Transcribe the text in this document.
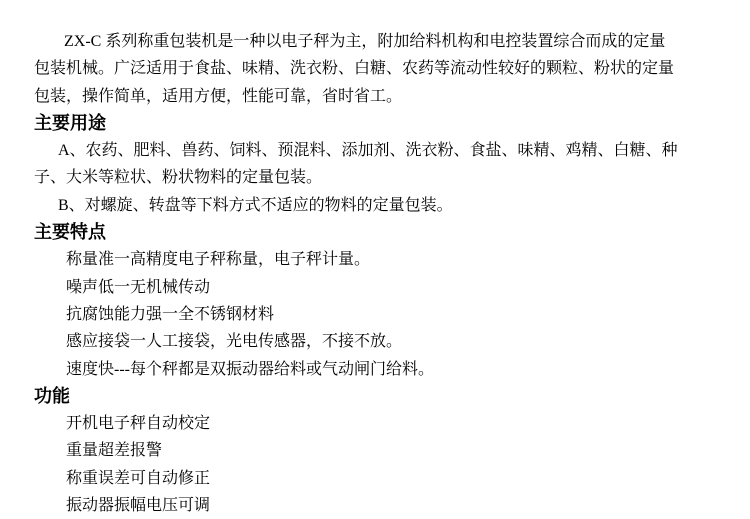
ZX-C 系列称重包装机是一种以电子秤为主，附加给料机构和电控装置综合而成的定量包装机械。广泛适用于食盐、味精、洗衣粉、白糖、农药等流动性较好的颗粒、粉状的定量包装，操作简单，适用方便，性能可靠，省时省工。

主要用途

A、农药、肥料、兽药、饲料、预混料、添加剂、洗衣粉、食盐、味精、鸡精、白糖、种子、大米等粒状、粉状物料的定量包装。

B、对螺旋、转盘等下料方式不适应的物料的定量包装。

主要特点

称量准一高精度电子秤称量，电子秤计量。

噪声低一无机械传动

抗腐蚀能力强一全不锈钢材料

感应接袋一人工接袋，光电传感器，不接不放。

速度快---每个秤都是双振动器给料或气动闸门给料。

功能

开机电子秤自动校定

重量超差报警

称重误差可自动修正

振动器振幅电压可调
